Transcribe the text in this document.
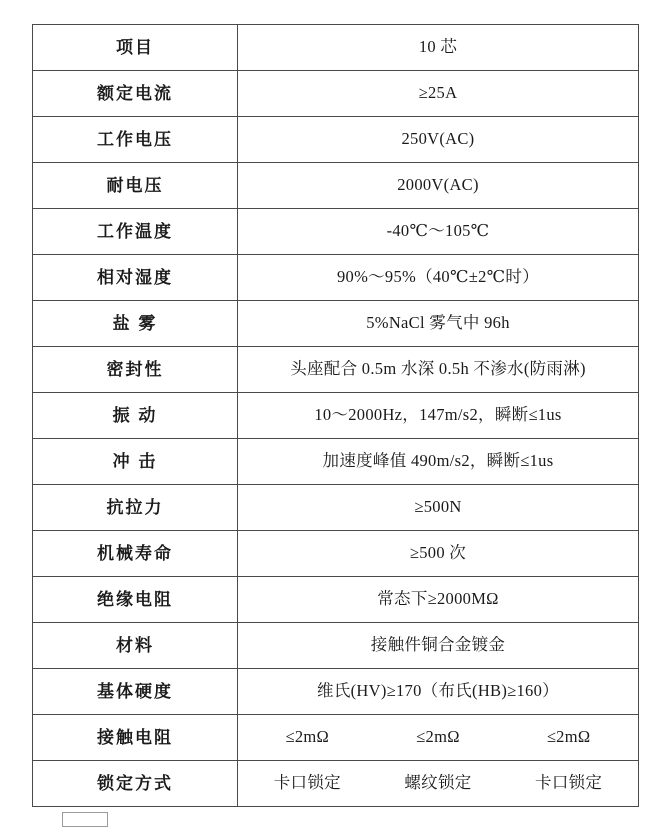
项目	10 芯
额定电流	≥25A
工作电压	250V(AC)
耐电压	2000V(AC)
工作温度	-40℃～105℃
相对湿度	90%～95%（40℃±2℃时）
盐 雾	5%NaCl 雾气中 96h
密封性	头座配合 0.5m 水深 0.5h 不渗水(防雨淋)
振 动	10～2000Hz，147m/s2，瞬断≤1us
冲 击	加速度峰值 490m/s2，瞬断≤1us
抗拉力	≥500N
机械寿命	≥500 次
绝缘电阻	常态下≥2000MΩ
材料	接触件铜合金镀金
基体硬度	维氏(HV)≥170（布氏(HB)≥160）
接触电阻	≤2mΩ ≤2mΩ ≤2mΩ

锁定方式	卡口锁定 螺纹锁定 卡口锁定
